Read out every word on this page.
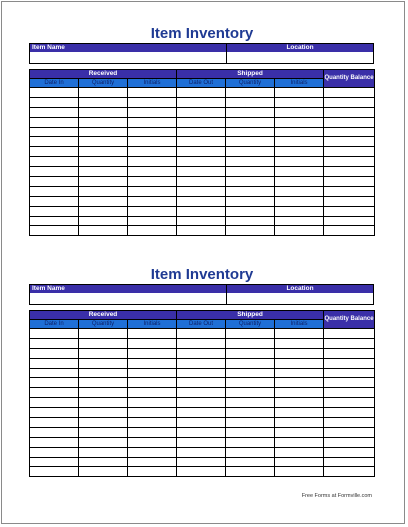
Item Inventory
Item Name	Location
Received			Shipped			Quantity Balance
Date In	Quantity	Initials	Date Out	Quantity	Initials	

Item Inventory
Item Name	Location
Received			Shipped			Quantity Balance
Date In	Quantity	Initials	Date Out	Quantity	Initials	

Free Forms at Formville.com
